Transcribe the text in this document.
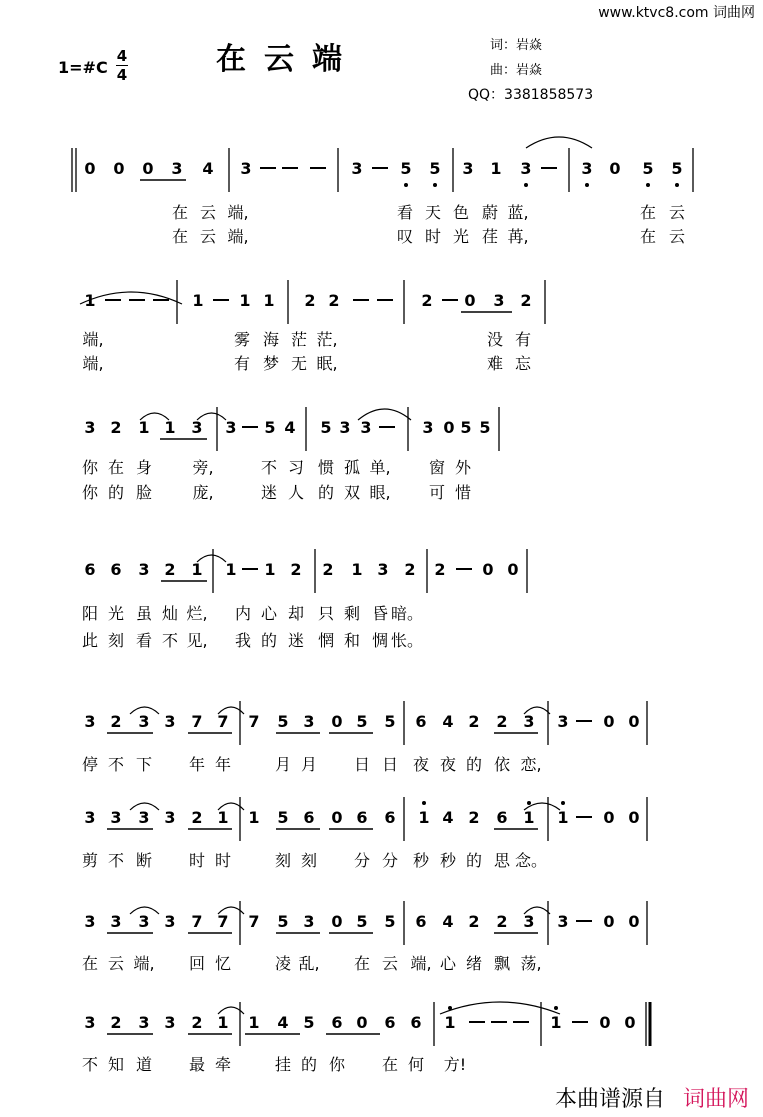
www.ktvc8.com 词曲网
1=#C
4
4	在云端	词：岩焱
曲：岩焱
QQ：3381858573
0 0 0 3 4 3	3 5 5 3 1 3	3 0 5 5
在 云 端,	看 天 色 蔚 蓝,	在 云
在 云 端,	叹 时 光 荏 苒,	在 云
1	1 1 1 2 2	2 0 3 2
端,	雾 海 茫 茫,	没 有
端,	有 梦 无 眠,	难 忘
3 2 1 1 3 3 5 4 5 3 3	3 0 5 5
你 在 身	旁,	不 习 惯 孤 单, 窗 外
你 的 脸	庞,	迷 人 的 双 眼, 可 惜
6 6 3 2 1 1 1 2 2 1 3 2 2 0 0
阳 光 虽 灿 烂, 内 心 却 只 剩 昏 暗。
此 刻 看 不 见, 我 的 迷 惘 和 惆 怅。
3 2 3 3 7 7 7 5 3 0 5 5 6 4 2 2 3 3 0 0
停 不 下 年 年	月 月 日 日 夜 夜 的 依 恋,
3 3 3 3 2 1 1 5 6 0 6 6 1 4 2 6 1 1 0 0
剪 不 断 时 时	刻 刻 分 分 秒 秒 的 思 念。
3 3 3 3 7 7 7 5 3 0 5 5 6 4 2 2 3 3 0 0
在 云 端, 回 忆	凌 乱, 在 云 端, 心 绪 飘 荡,
3 2 3 3 2 1 1 4 5 6 0 6 6 1	1 0 0
不 知 道 最 牵	挂 的 你 在 何 方!
本曲谱源自 词曲网
